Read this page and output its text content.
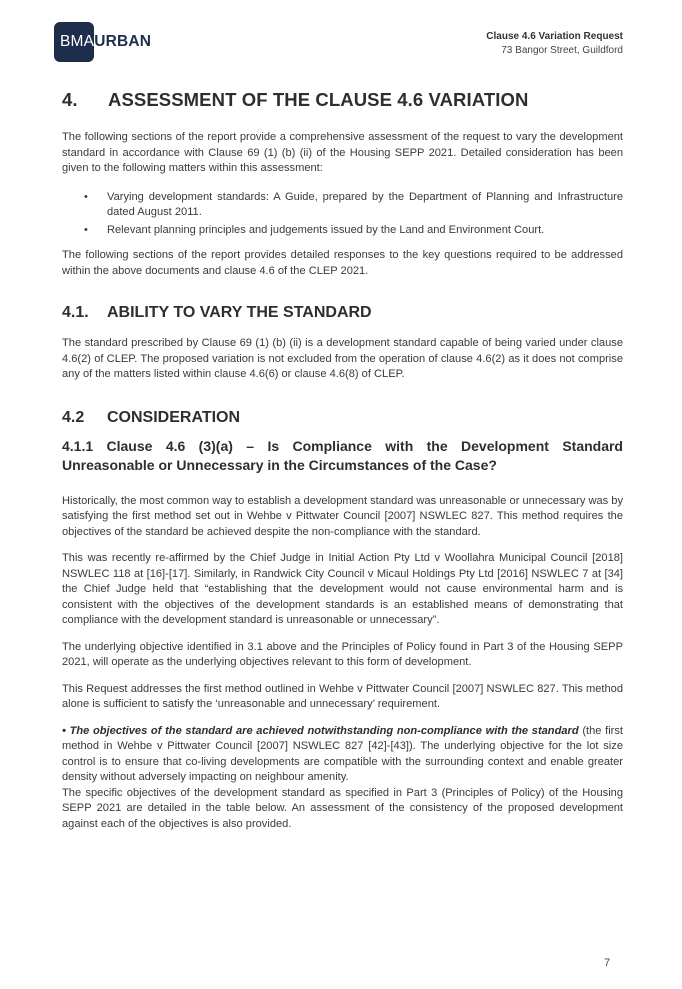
BMAURBAN	Clause 4.6 Variation Request
73 Bangor Street, Guildford
4.	ASSESSMENT OF THE CLAUSE 4.6 VARIATION

The following sections of the report provide a comprehensive assessment of the request to vary the development standard in accordance with Clause 69 (1) (b) (ii) of the Housing SEPP 2021. Detailed consideration has been given to the following matters within this assessment:

• Varying development standards: A Guide, prepared by the Department of Planning and Infrastructure dated August 2011.
• Relevant planning principles and judgements issued by the Land and Environment Court.

The following sections of the report provides detailed responses to the key questions required to be addressed within the above documents and clause 4.6 of the CLEP 2021.

4.1.	ABILITY TO VARY THE STANDARD

The standard prescribed by Clause 69 (1) (b) (ii) is a development standard capable of being varied under clause 4.6(2) of CLEP. The proposed variation is not excluded from the operation of clause 4.6(2) as it does not comprise any of the matters listed within clause 4.6(6) or clause 4.6(8) of CLEP.

4.2	CONSIDERATION
4.1.1 Clause 4.6 (3)(a) – Is Compliance with the Development Standard Unreasonable or Unnecessary in the Circumstances of the Case?

Historically, the most common way to establish a development standard was unreasonable or unnecessary was by satisfying the first method set out in Wehbe v Pittwater Council [2007] NSWLEC 827. This method requires the objectives of the standard be achieved despite the non-compliance with the standard.

This was recently re-affirmed by the Chief Judge in Initial Action Pty Ltd v Woollahra Municipal Council [2018] NSWLEC 118 at [16]-[17]. Similarly, in Randwick City Council v Micaul Holdings Pty Ltd [2016] NSWLEC 7 at [34] the Chief Judge held that “establishing that the development would not cause environmental harm and is consistent with the objectives of the development standards is an established means of demonstrating that compliance with the development standard is unreasonable or unnecessary”.

The underlying objective identified in 3.1 above and the Principles of Policy found in Part 3 of the Housing SEPP 2021, will operate as the underlying objectives relevant to this form of development.

This Request addresses the first method outlined in Wehbe v Pittwater Council [2007] NSWLEC 827. This method alone is sufficient to satisfy the ‘unreasonable and unnecessary’ requirement.

• The objectives of the standard are achieved notwithstanding non-compliance with the standard (the first method in Wehbe v Pittwater Council [2007] NSWLEC 827 [42]-[43]). The underlying objective for the lot size control is to ensure that co-living developments are compatible with the surrounding context and enable greater density without adversely impacting on neighbour amenity.

The specific objectives of the development standard as specified in Part 3 (Principles of Policy) of the Housing SEPP 2021 are detailed in the table below. An assessment of the consistency of the proposed development against each of the objectives is also provided.

7
